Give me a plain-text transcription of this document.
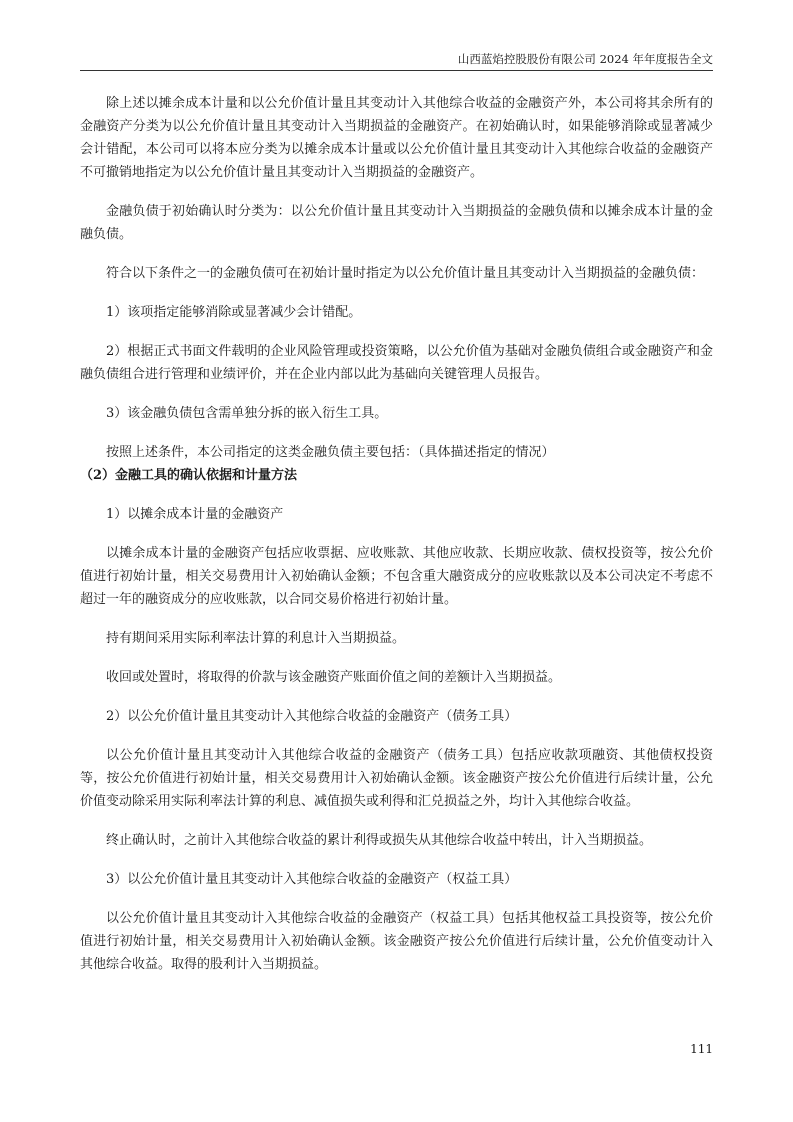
山西蓝焰控股股份有限公司 2024 年年度报告全文

除上述以摊余成本计量和以公允价值计量且其变动计入其他综合收益的金融资产外，本公司将其余所有的金融资产分类为以公允价值计量且其变动计入当期损益的金融资产。在初始确认时，如果能够消除或显著减少会计错配，本公司可以将本应分类为以摊余成本计量或以公允价值计量且其变动计入其他综合收益的金融资产不可撤销地指定为以公允价值计量且其变动计入当期损益的金融资产。

金融负债于初始确认时分类为：以公允价值计量且其变动计入当期损益的金融负债和以摊余成本计量的金融负债。

符合以下条件之一的金融负债可在初始计量时指定为以公允价值计量且其变动计入当期损益的金融负债：

1）该项指定能够消除或显著减少会计错配。

2）根据正式书面文件载明的企业风险管理或投资策略，以公允价值为基础对金融负债组合或金融资产和金融负债组合进行管理和业绩评价，并在企业内部以此为基础向关键管理人员报告。

3）该金融负债包含需单独分拆的嵌入衍生工具。

按照上述条件，本公司指定的这类金融负债主要包括：（具体描述指定的情况）

（2）金融工具的确认依据和计量方法

1）以摊余成本计量的金融资产

以摊余成本计量的金融资产包括应收票据、应收账款、其他应收款、长期应收款、债权投资等，按公允价值进行初始计量，相关交易费用计入初始确认金额；不包含重大融资成分的应收账款以及本公司决定不考虑不超过一年的融资成分的应收账款，以合同交易价格进行初始计量。

持有期间采用实际利率法计算的利息计入当期损益。

收回或处置时，将取得的价款与该金融资产账面价值之间的差额计入当期损益。

2）以公允价值计量且其变动计入其他综合收益的金融资产（债务工具）

以公允价值计量且其变动计入其他综合收益的金融资产（债务工具）包括应收款项融资、其他债权投资等，按公允价值进行初始计量，相关交易费用计入初始确认金额。该金融资产按公允价值进行后续计量，公允价值变动除采用实际利率法计算的利息、减值损失或利得和汇兑损益之外，均计入其他综合收益。

终止确认时，之前计入其他综合收益的累计利得或损失从其他综合收益中转出，计入当期损益。

3）以公允价值计量且其变动计入其他综合收益的金融资产（权益工具）

以公允价值计量且其变动计入其他综合收益的金融资产（权益工具）包括其他权益工具投资等，按公允价值进行初始计量，相关交易费用计入初始确认金额。该金融资产按公允价值进行后续计量，公允价值变动计入其他综合收益。取得的股利计入当期损益。

111
